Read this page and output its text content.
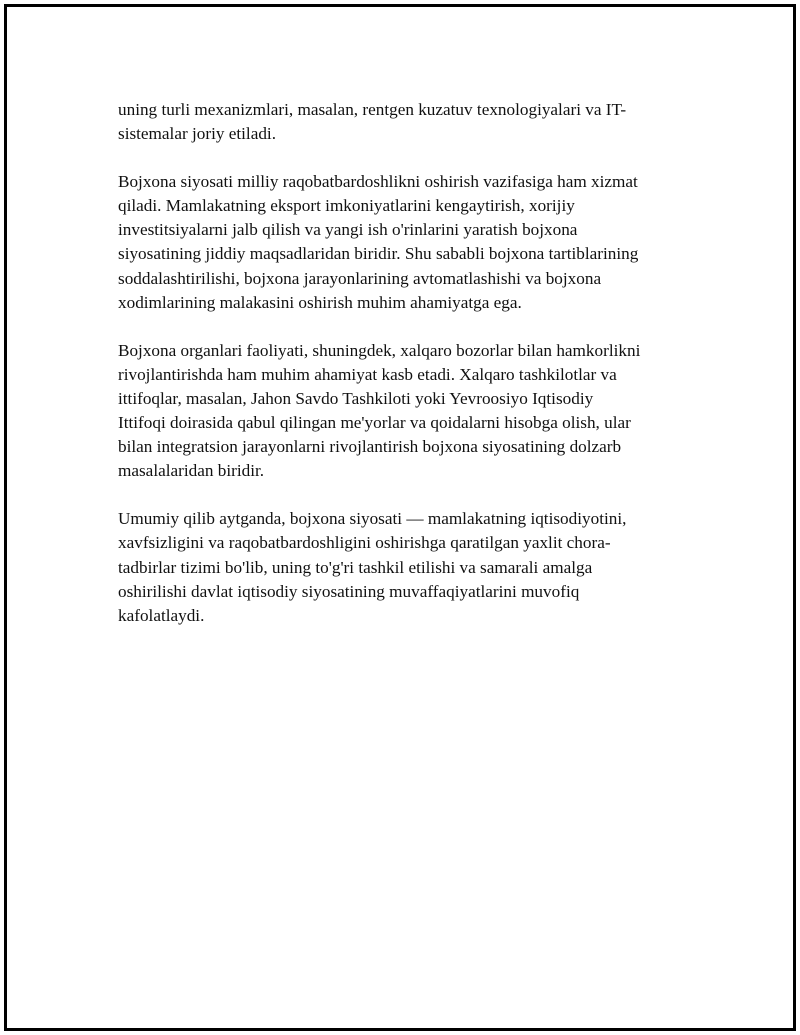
uning turli mexanizmlari, masalan, rentgen kuzatuv texnologiyalari va IT-
sistemalar joriy etiladi.

Bojxona siyosati milliy raqobatbardoshlikni oshirish vazifasiga ham xizmat
qiladi. Mamlakatning eksport imkoniyatlarini kengaytirish, xorijiy
investitsiyalarni jalb qilish va yangi ish o'rinlarini yaratish bojxona
siyosatining jiddiy maqsadlaridan biridir. Shu sababli bojxona tartiblarining
soddalashtirilishi, bojxona jarayonlarining avtomatlashishi va bojxona
xodimlarining malakasini oshirish muhim ahamiyatga ega.

Bojxona organlari faoliyati, shuningdek, xalqaro bozorlar bilan hamkorlikni
rivojlantirishda ham muhim ahamiyat kasb etadi. Xalqaro tashkilotlar va
ittifoqlar, masalan, Jahon Savdo Tashkiloti yoki Yevroosiyo Iqtisodiy
Ittifoqi doirasida qabul qilingan me'yorlar va qoidalarni hisobga olish, ular
bilan integratsion jarayonlarni rivojlantirish bojxona siyosatining dolzarb
masalalaridan biridir.

Umumiy qilib aytganda, bojxona siyosati — mamlakatning iqtisodiyotini,
xavfsizligini va raqobatbardoshligini oshirishga qaratilgan yaxlit chora-
tadbirlar tizimi bo'lib, uning to'g'ri tashkil etilishi va samarali amalga
oshirilishi davlat iqtisodiy siyosatining muvaffaqiyatlarini muvofiq
kafolatlaydi.
